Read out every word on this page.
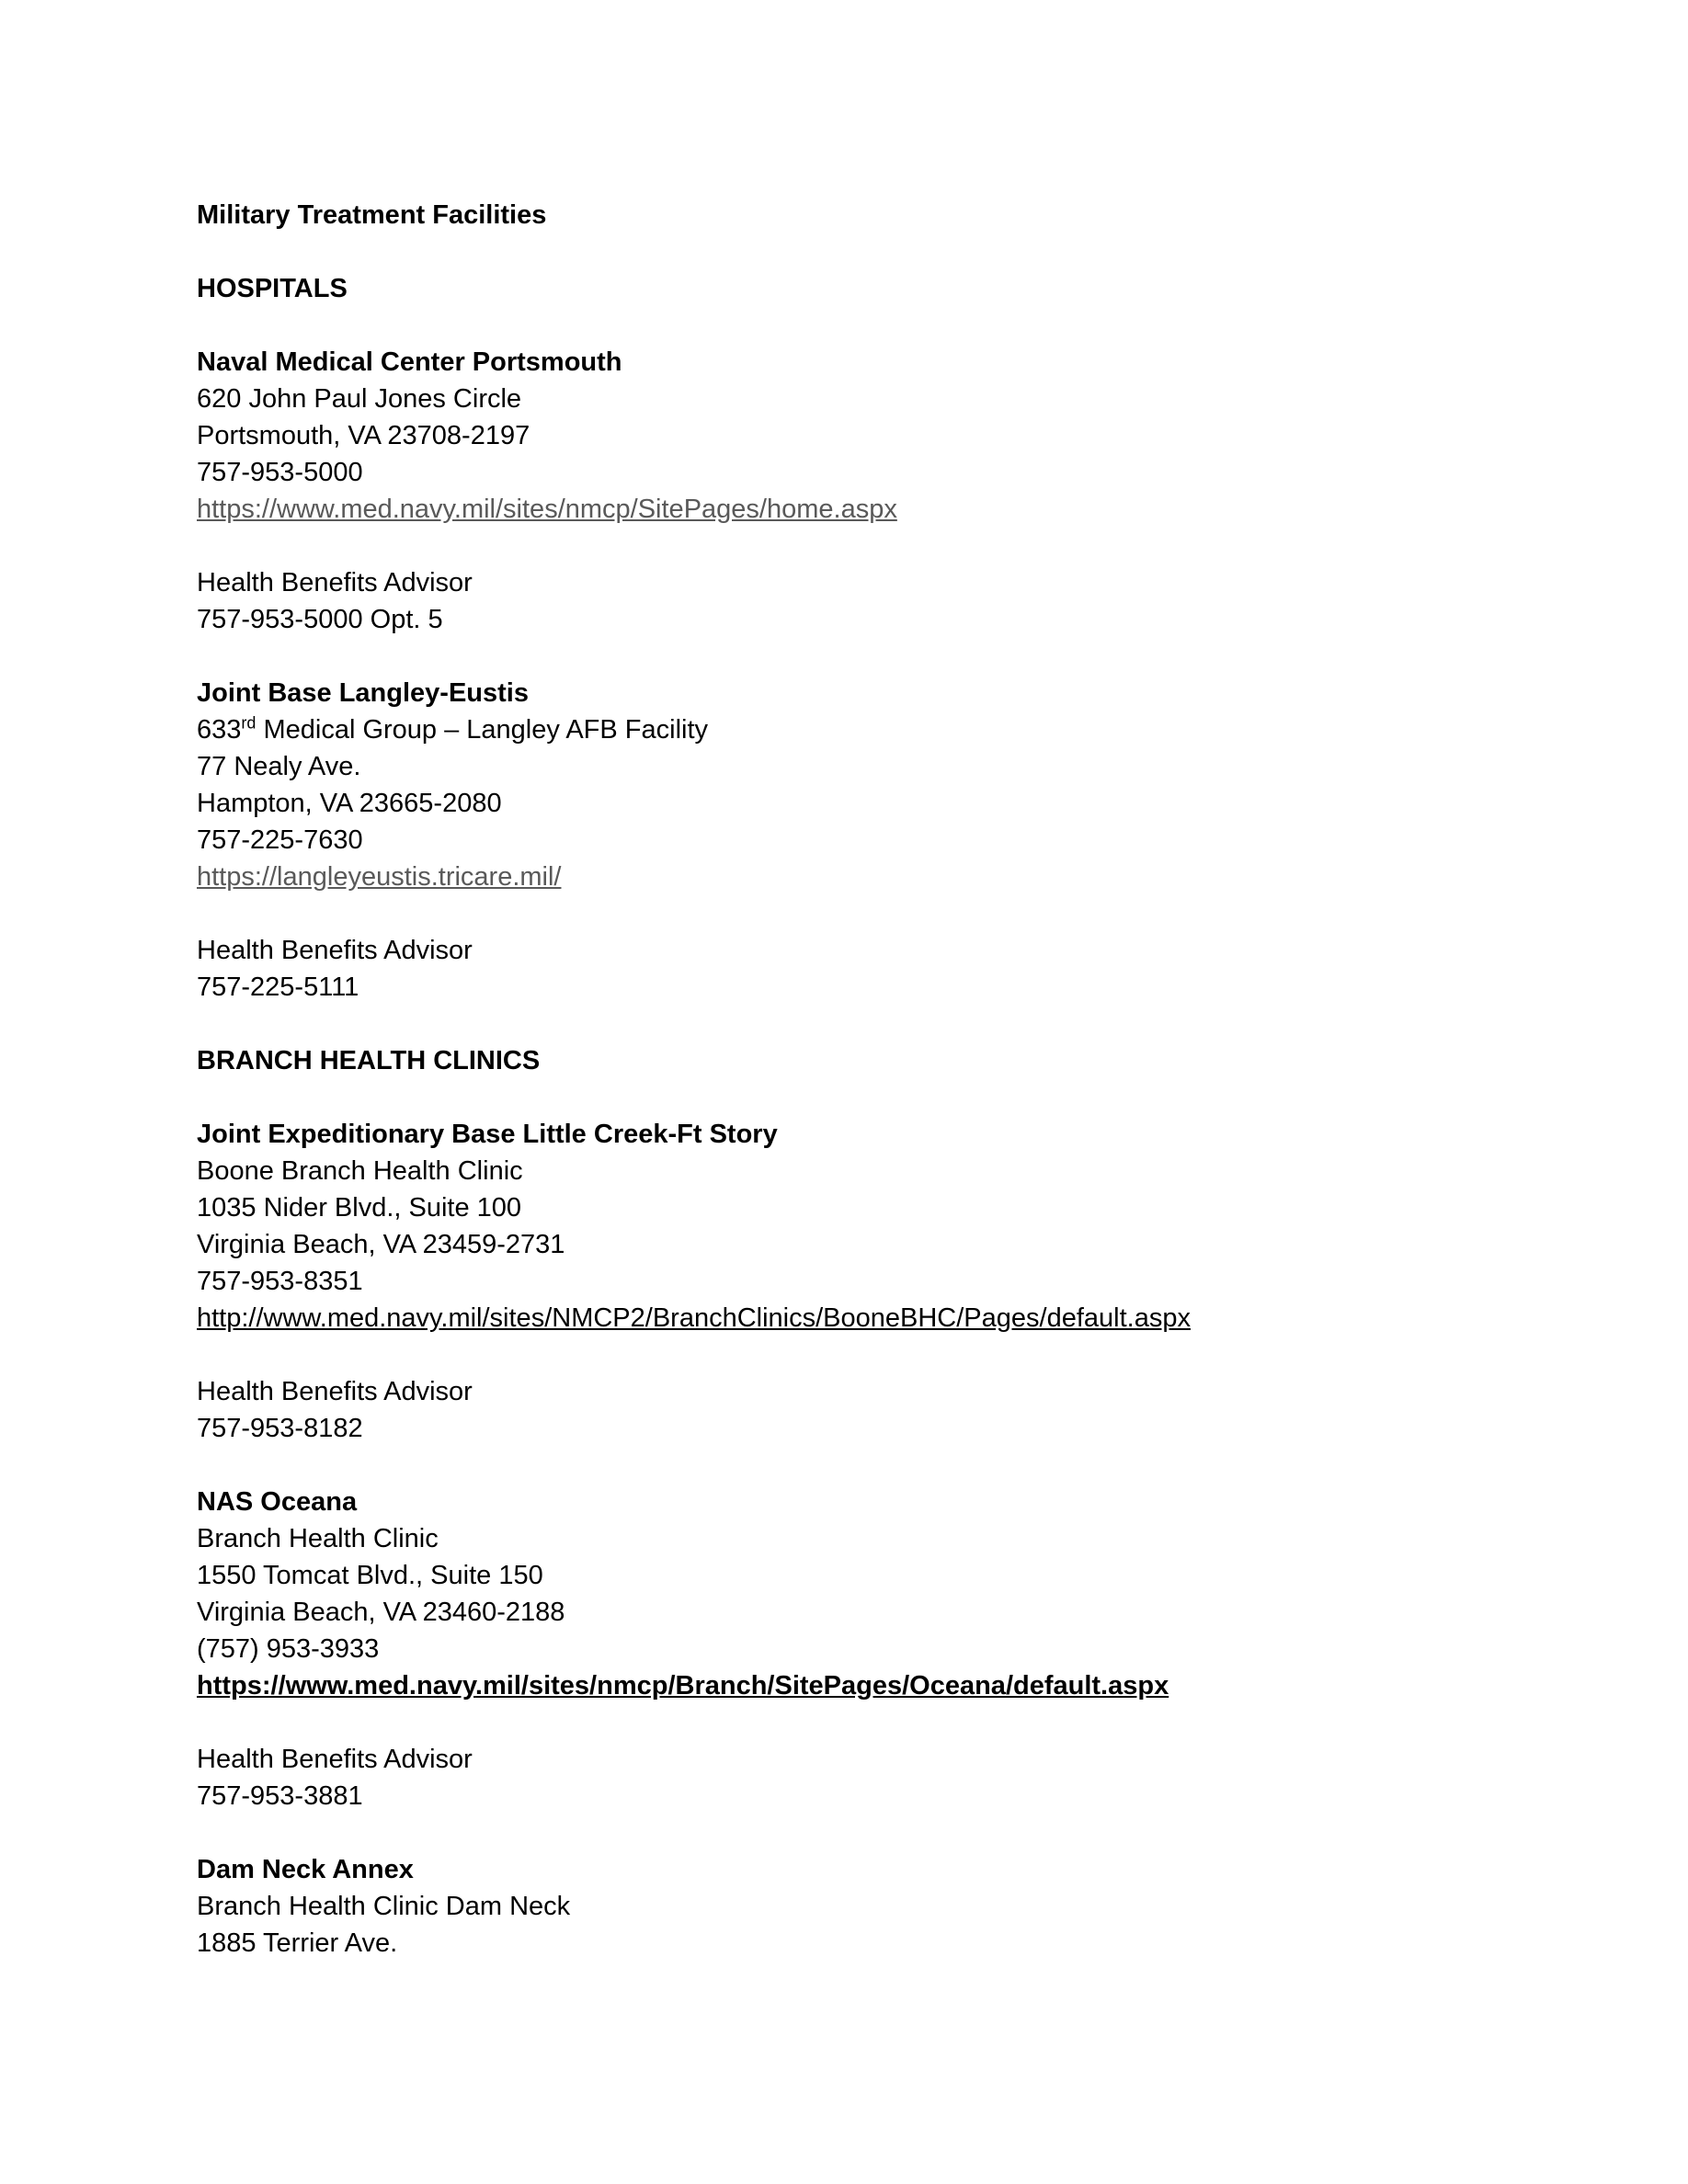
Military Treatment Facilities
HOSPITALS
Naval Medical Center Portsmouth
620 John Paul Jones Circle
Portsmouth, VA 23708-2197
757-953-5000
https://www.med.navy.mil/sites/nmcp/SitePages/home.aspx
Health Benefits Advisor
757-953-5000 Opt. 5
Joint Base Langley-Eustis
633rd Medical Group – Langley AFB Facility
77 Nealy Ave.
Hampton, VA 23665-2080
757-225-7630
https://langleyeustis.tricare.mil/
Health Benefits Advisor
757-225-5111
BRANCH HEALTH CLINICS
Joint Expeditionary Base Little Creek-Ft Story
Boone Branch Health Clinic
1035 Nider Blvd., Suite 100
Virginia Beach, VA 23459-2731
757-953-8351
http://www.med.navy.mil/sites/NMCP2/BranchClinics/BooneBHC/Pages/default.aspx
Health Benefits Advisor
757-953-8182
NAS Oceana
Branch Health Clinic
1550 Tomcat Blvd., Suite 150
Virginia Beach, VA 23460-2188
(757) 953-3933
https://www.med.navy.mil/sites/nmcp/Branch/SitePages/Oceana/default.aspx
Health Benefits Advisor
757-953-3881
Dam Neck Annex
Branch Health Clinic Dam Neck
1885 Terrier Ave.
